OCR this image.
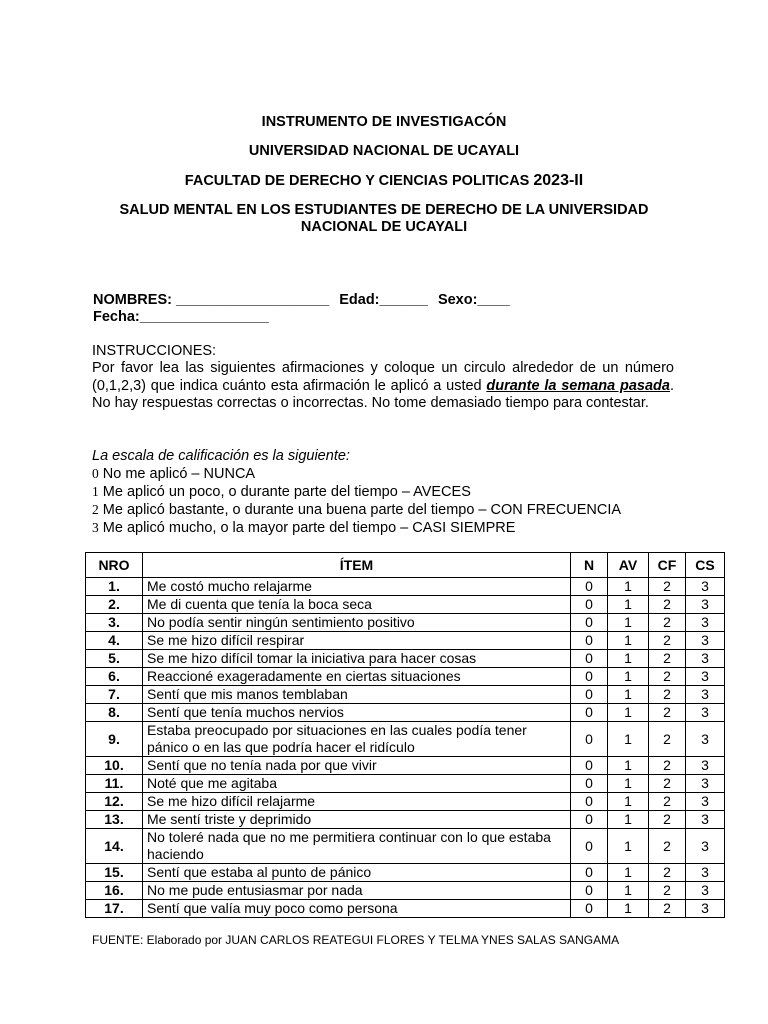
INSTRUMENTO DE INVESTIGACÓN
UNIVERSIDAD NACIONAL DE UCAYALI
FACULTAD DE DERECHO Y CIENCIAS POLITICAS 2023-II
SALUD MENTAL EN LOS ESTUDIANTES DE DERECHO DE LA UNIVERSIDAD NACIONAL DE UCAYALI
NOMBRES: ___________________ Edad:______ Sexo:____
Fecha:________________
INSTRUCCIONES:
Por favor lea las siguientes afirmaciones y coloque un circulo alrededor de un número (0,1,2,3) que indica cuánto esta afirmación le aplicó a usted durante la semana pasada. No hay respuestas correctas o incorrectas. No tome demasiado tiempo para contestar.
La escala de calificación es la siguiente:
0 No me aplicó – NUNCA
1 Me aplicó un poco, o durante parte del tiempo – AVECES
2 Me aplicó bastante, o durante una buena parte del tiempo – CON FRECUENCIA
3 Me aplicó mucho, o la mayor parte del tiempo – CASI SIEMPRE
NRO	ÍTEM	N	AV	CF	CS
1.	Me costó mucho relajarme	0	1	2	3
2.	Me di cuenta que tenía la boca seca	0	1	2	3
3.	No podía sentir ningún sentimiento positivo	0	1	2	3
4.	Se me hizo difícil respirar	0	1	2	3
5.	Se me hizo difícil tomar la iniciativa para hacer cosas	0	1	2	3
6.	Reaccioné exageradamente en ciertas situaciones	0	1	2	3
7.	Sentí que mis manos temblaban	0	1	2	3
8.	Sentí que tenía muchos nervios	0	1	2	3
9.	Estaba preocupado por situaciones en las cuales podía tener pánico o en las que podría hacer el ridículo	0	1	2	3
10.	Sentí que no tenía nada por que vivir	0	1	2	3
11.	Noté que me agitaba	0	1	2	3
12.	Se me hizo difícil relajarme	0	1	2	3
13.	Me sentí triste y deprimido	0	1	2	3
14.	No toleré nada que no me permitiera continuar con lo que estaba haciendo	0	1	2	3
15.	Sentí que estaba al punto de pánico	0	1	2	3
16.	No me pude entusiasmar por nada	0	1	2	3
17.	Sentí que valía muy poco como persona	0	1	2	3
FUENTE: Elaborado por JUAN CARLOS REATEGUI FLORES Y TELMA YNES SALAS SANGAMA
